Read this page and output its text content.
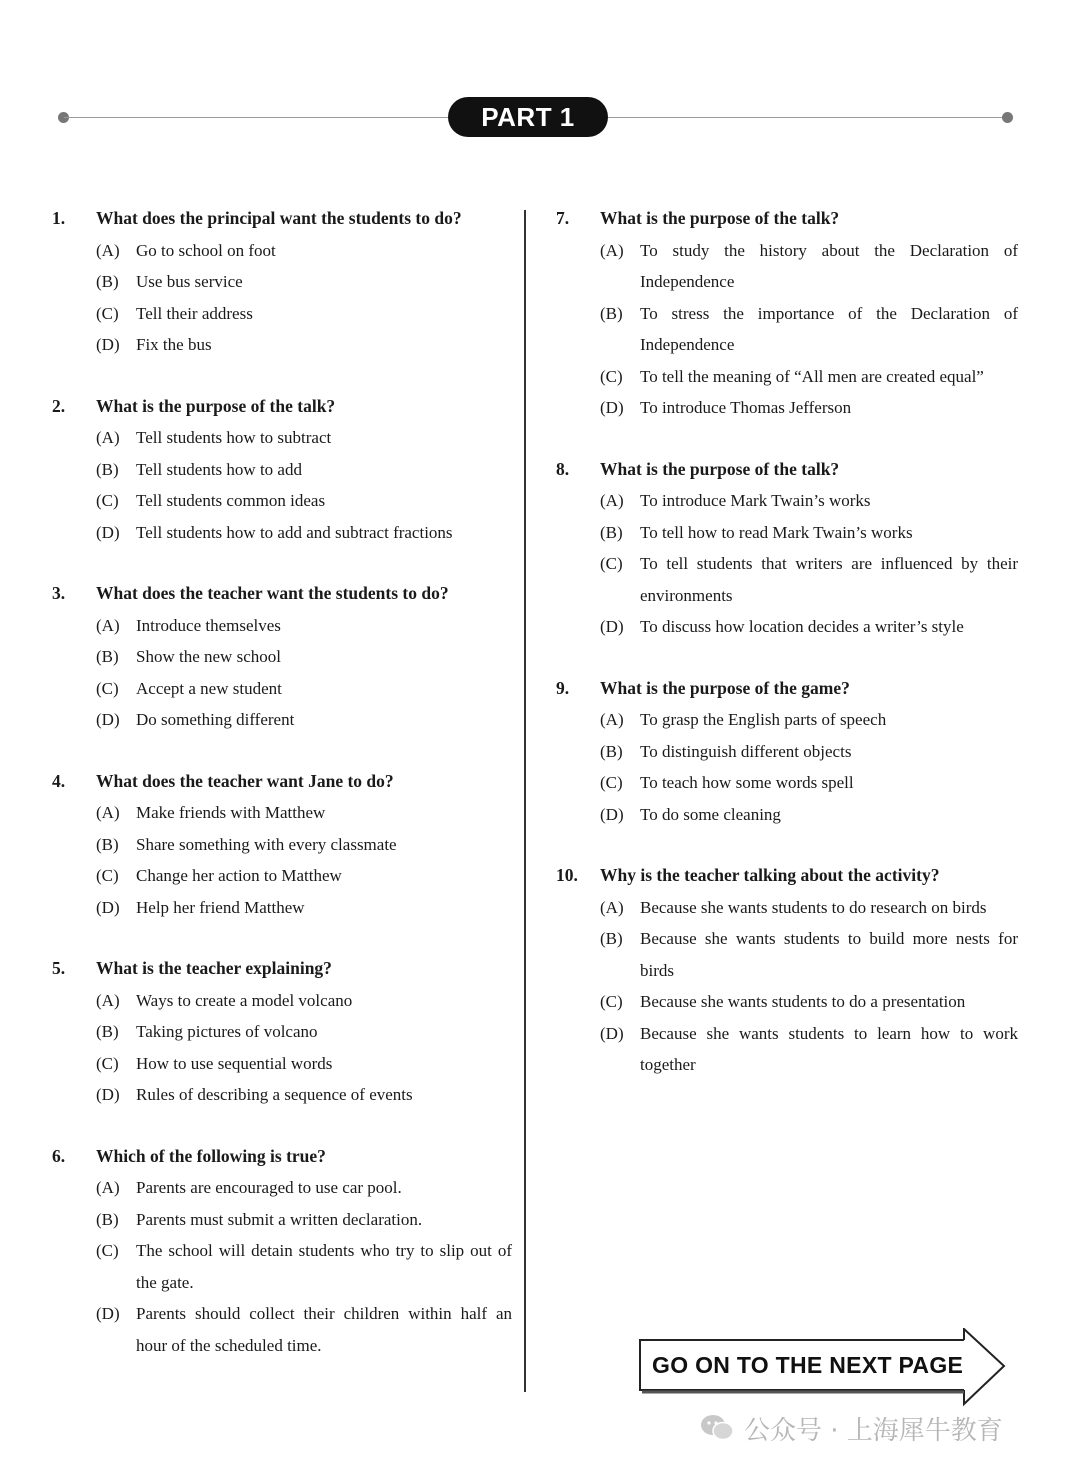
PART 1
1.	What does the principal want the students to do?
(A) Go to school on foot
(B)	Use bus service
(C)	Tell their address
(D) Fix the bus
2.	What is the purpose of the talk?
(A) Tell students how to subtract
(B)	Tell students how to add
(C)	Tell students common ideas
(D) Tell students how to add and subtract fractions
3.	What does the teacher want the students to do?
(A) Introduce themselves
(B)	Show the new school
(C)	Accept a new student
(D) Do something different
4.	What does the teacher want Jane to do?
(A) Make friends with Matthew
(B)	Share something with every classmate
(C)	Change her action to Matthew
(D) Help her friend Matthew
5.	What is the teacher explaining?
(A) Ways to create a model volcano
(B)	Taking pictures of volcano
(C)	How to use sequential words
(D) Rules of describing a sequence of events
6.	Which of the following is true?
(A) Parents are encouraged to use car pool.
(B)	Parents must submit a written declaration.
(C)	The school will detain students who try to slip out of the gate.
(D) Parents should collect their children within half an hour of the scheduled time.
7.	What is the purpose of the talk?
(A) To study the history about the Declaration of Independence
(B)	To stress the importance of the Declaration of Independence
(C)	To tell the meaning of “All men are created equal”
(D) To introduce Thomas Jefferson
8.	What is the purpose of the talk?
(A) To introduce Mark Twain’s works
(B)	To tell how to read Mark Twain’s works
(C)	To tell students that writers are influenced by their environments
(D) To discuss how location decides a writer’s style
9.	What is the purpose of the game?
(A) To grasp the English parts of speech
(B)	To distinguish different objects
(C)	To teach how some words spell
(D) To do some cleaning
10.	Why is the teacher talking about the activity?
(A) Because she wants students to do research on birds
(B)	Because she wants students to build more nests for birds
(C)	Because she wants students to do a presentation
(D) Because she wants students to learn how to work together
GO ON TO THE NEXT PAGE
公众号 · 上海犀牛教育
